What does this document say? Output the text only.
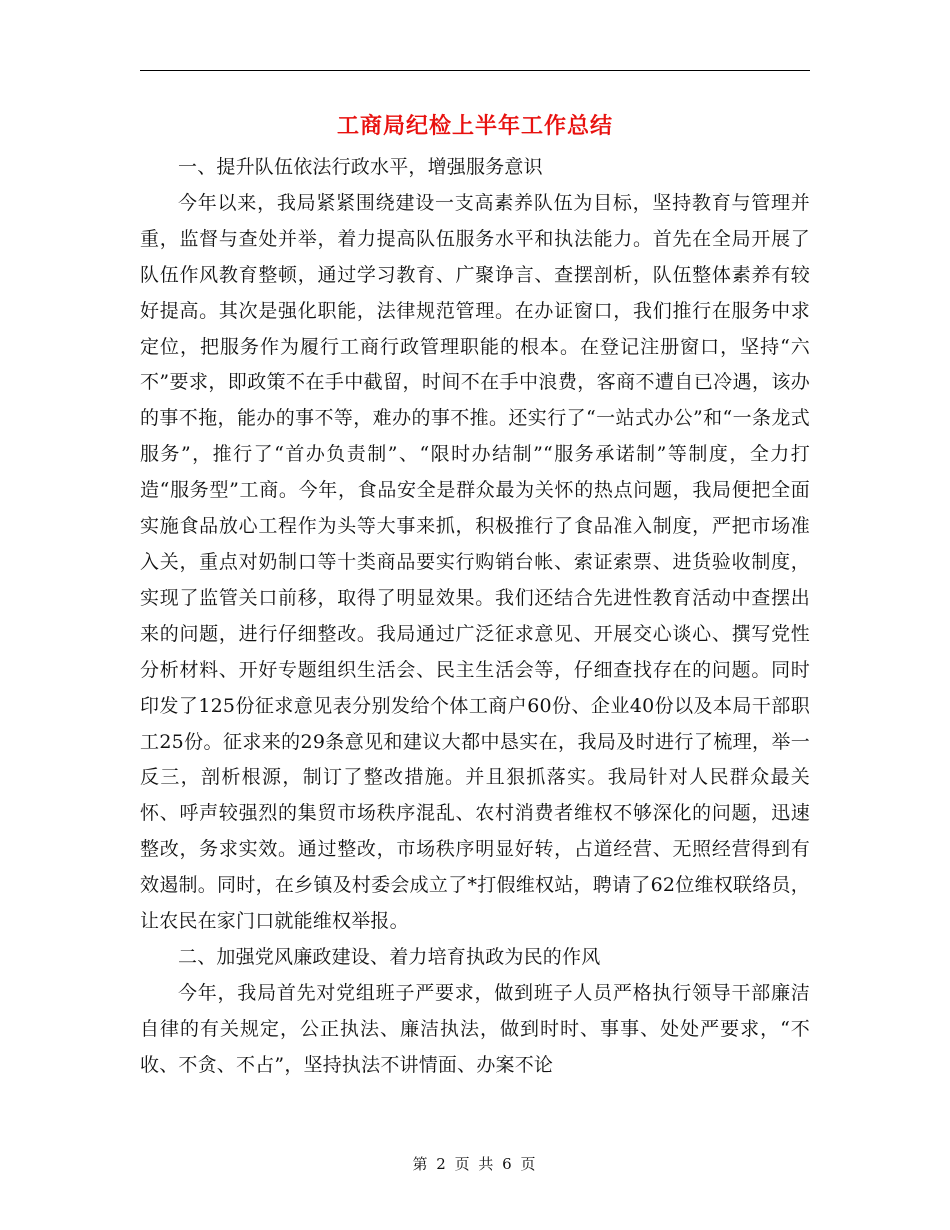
工商局纪检上半年工作总结

一、提升队伍依法行政水平，增强服务意识

今年以来，我局紧紧围绕建设一支高素养队伍为目标，坚持教育与管理并重，监督与查处并举，着力提高队伍服务水平和执法能力。首先在全局开展了队伍作风教育整顿，通过学习教育、广聚诤言、查摆剖析，队伍整体素养有较好提高。其次是强化职能，法律规范管理。在办证窗口，我们推行在服务中求定位，把服务作为履行工商行政管理职能的根本。在登记注册窗口，坚持“六不”要求，即政策不在手中截留，时间不在手中浪费，客商不遭自已冷遇，该办的事不拖，能办的事不等，难办的事不推。还实行了“一站式办公”和“一条龙式服务”，推行了“首办负责制”、“限时办结制”“服务承诺制”等制度，全力打造“服务型”工商。今年，食品安全是群众最为关怀的热点问题，我局便把全面实施食品放心工程作为头等大事来抓，积极推行了食品准入制度，严把市场准入关，重点对奶制口等十类商品要实行购销台帐、索证索票、进货验收制度，实现了监管关口前移，取得了明显效果。我们还结合先进性教育活动中查摆出来的问题，进行仔细整改。我局通过广泛征求意见、开展交心谈心、撰写党性分析材料、开好专题组织生活会、民主生活会等，仔细查找存在的问题。同时印发了125份征求意见表分别发给个体工商户60份、企业40份以及本局干部职工25份。征求来的29条意见和建议大都中恳实在，我局及时进行了梳理，举一反三，剖析根源，制订了整改措施。并且狠抓落实。我局针对人民群众最关怀、呼声较强烈的集贸市场秩序混乱、农村消费者维权不够深化的问题，迅速整改，务求实效。通过整改，市场秩序明显好转，占道经营、无照经营得到有效遏制。同时，在乡镇及村委会成立了*打假维权站，聘请了62位维权联络员，让农民在家门口就能维权举报。

二、加强党风廉政建设、着力培育执政为民的作风

今年，我局首先对党组班子严要求，做到班子人员严格执行领导干部廉洁自律的有关规定，公正执法、廉洁执法，做到时时、事事、处处严要求，“不收、不贪、不占”，坚持执法不讲情面、办案不论

第 2 页 共 6 页
